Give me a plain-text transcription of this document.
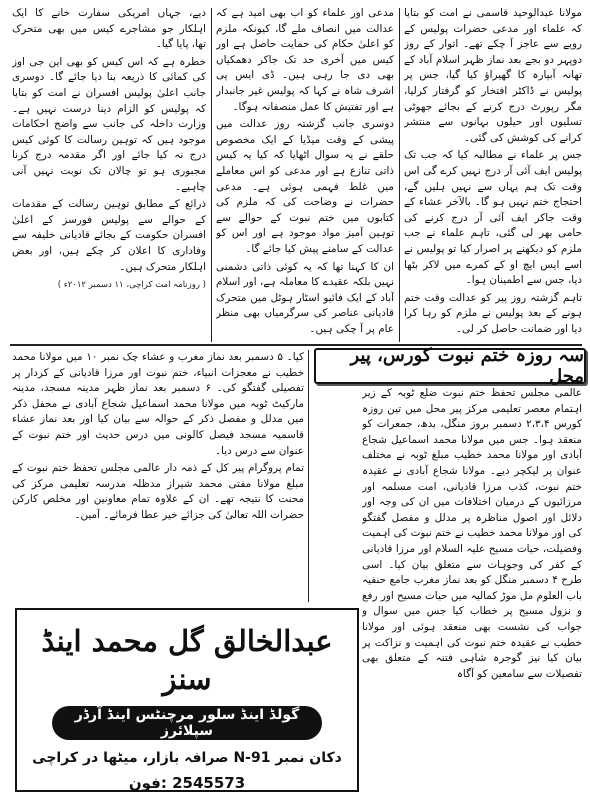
مولانا عبدالوحید قاسمی نے امت کو بتایا کہ علماء اور مدعی حضرات پولیس کے رویے سے عاجز آ چکے تھے۔ اتوار کے روز دوپہر دو بجے بعد نماز ظہر اسلام آباد کے تھانہ آبپارہ کا گھیراؤ کیا گیا، جس پر پولیس نے ڈاکٹر افتخار کو گرفتار کرلیا، مگر رپورٹ درج کرنے کے بجائے جھوٹی تسلیوں اور حیلوں بہانوں سے منتشر کرانے کی کوشش کی گئی۔

جس پر علماء نے مطالبہ کیا کہ جب تک پولیس ایف آئی آر درج نہیں کرے گی اس وقت تک ہم یہاں سے نہیں ہلیں گے، احتجاج ختم نہیں ہو گا۔ بالآخر عشاء کے وقت جاکر ایف آئی آر درج کرنے کی حامی بھر لی گئی، تاہم علماء نے جب ملزم کو دیکھنے پر اصرار کیا تو پولیس نے اسے ایس ایچ او کے کمرے میں لاکر بٹھا دیا، جس سے اطمینان ہوا۔

تاہم گزشتہ روز پیر کو عدالت وقت ختم ہونے کے بعد پولیس نے ملزم کو رہا کرا دیا اور ضمانت حاصل کر لی۔

مدعی اور علماء کو اب بھی امید ہے کہ عدالت میں انصاف ملے گا، کیونکہ ملزم کو اعلیٰ حکام کی حمایت حاصل ہے اور کیس میں آخری حد تک جاکر دھمکیاں بھی دی جا رہی ہیں۔ ڈی ایس پی اشرف شاہ نے کہا کہ پولیس غیر جانبدار ہے اور تفتیش کا عمل منصفانہ ہوگا۔

دوسری جانب گزشتہ روز عدالت میں پیشی کے وقت میڈیا کے ایک مخصوص حلقے نے یہ سوال اٹھایا کہ کیا یہ کیس ذاتی تنازع ہے اور مدعی کو اس معاملے میں غلط فہمی ہوئی ہے۔ مدعی حضرات نے وضاحت کی کہ ملزم کی کتابوں میں ختم نبوت کے حوالے سے توہین آمیز مواد موجود ہے اور اس کو عدالت کے سامنے پیش کیا جائے گا۔

ان کا کہنا تھا کہ یہ کوئی ذاتی دشمنی نہیں بلکہ عقیدے کا معاملہ ہے، اور اسلام آباد کے ایک فائیو اسٹار ہوٹل میں متحرک قادیانی عناصر کی سرگرمیاں بھی منظر عام پر آ چکی ہیں۔

دیے، جہاں امریکی سفارت خانے کا ایک اہلکار جو مشاجرے کیس میں بھی متحرک تھا، پایا گیا۔

خطرہ ہے کہ اس کیس کو بھی این جی اوز کی کمائی کا ذریعہ بنا دیا جائے گا۔ دوسری جانب اعلیٰ پولیس افسران نے امت کو بتایا کہ پولیس کو الزام دینا درست نہیں ہے۔ وزارت داخلہ کی جانب سے واضح احکامات موجود ہیں کہ توہین رسالت کا کوئی کیس درج نہ کیا جائے اور اگر مقدمہ درج کرنا مجبوری ہو تو چالان تک نوبت نہیں آنی چاہیے۔

ذرائع کے مطابق توہین رسالت کے مقدمات کے حوالے سے پولیس فورسز کے اعلیٰ افسران حکومت کے بجائے قادیانی خلیفہ سے وفاداری کا اعلان کر چکے ہیں، اور بعض اہلکار متحرک ہیں۔

( روزنامہ امت کراچی، ۱۱ دسمبر ۲۰۱۲ء )
سہ روزہ ختم نبوت کورس، پیر محل

عالمی مجلس تحفظ ختم نبوت ضلع ٹوبہ کے زیر اہتمام معصر تعلیمی مرکز پیر محل میں تین روزہ کورس ۲،۳،۴ دسمبر بروز منگل، بدھ، جمعرات کو منعقد ہوا۔ جس میں مولانا محمد اسماعیل شجاع آبادی اور مولانا محمد خطیب مبلغ ٹوبہ نے مختلف عنوان پر لیکچر دیے۔ مولانا شجاع آبادی نے عقیدہ ختم نبوت، کذب مرزا قادیانی، امت مسلمہ اور مرزائیوں کے درمیان اختلافات میں ان کی وجہ اور دلائل اور اصول مناظرہ پر مدلل و مفصل گفتگو کی اور مولانا محمد خطیب نے ختم نبوت کی اہمیت وفضیلت، حیات مسیح علیہ السلام اور مرزا قادیانی کے کفر کی وجوہات سے متعلق بیان کیا۔ اسی طرح ۴ دسمبر منگل کو بعد نماز مغرب جامع حنفیہ باب العلوم مل موڑ کمالیہ میں حیات مسیح اور رفع و نزول مسیح پر خطاب کیا جس میں سوال و جواب کی نشست بھی منعقد ہوئی اور مولانا خطیب نے عقیدہ ختم نبوت کی اہمیت و نزاکت پر بیان کیا نیز گوجرہ شاہی فتنہ کے متعلق بھی تفصیلات سے سامعین کو آگاہ

کیا۔ ۵ دسمبر بعد نماز مغرب و عشاء چک نمبر ۱۰ میں مولانا محمد خطیب نے معجزات انبیاء، ختم نبوت اور مرزا قادیانی کے کردار پر تفصیلی گفتگو کی۔ ۶ دسمبر بعد نماز ظہر مدینہ مسجد، مدینہ مارکیٹ ٹوبہ میں مولانا محمد اسماعیل شجاع آبادی نے محفل ذکر میں مدلل و مفصل ذکر کے حوالہ سے بیان کیا اور بعد نماز عشاء قاسمیہ مسجد فیصل کالونی میں درس حدیث اور ختم نبوت کے عنوان سے درس دیا۔

تمام پروگرام پیر کل کے ذمہ دار عالمی مجلس تحفظ ختم نبوت کے مبلغ مولانا مفتی محمد شیراز مدظلہ مدرسہ تعلیمی مرکز کی محنت کا نتیجہ تھے۔ ان کے علاوہ تمام معاونین اور مخلص کارکن حضرات اللہ تعالیٰ کی جزائے خیر عطا فرمائے۔ آمین۔

عبدالخالق گل محمد اینڈ سنز
گولڈ اینڈ سلور مرچنٹس اینڈ آرڈر سپلائرز
دکان نمبر N-91 صرافہ بازار، میٹھا در کراچی
فون: 2545573
